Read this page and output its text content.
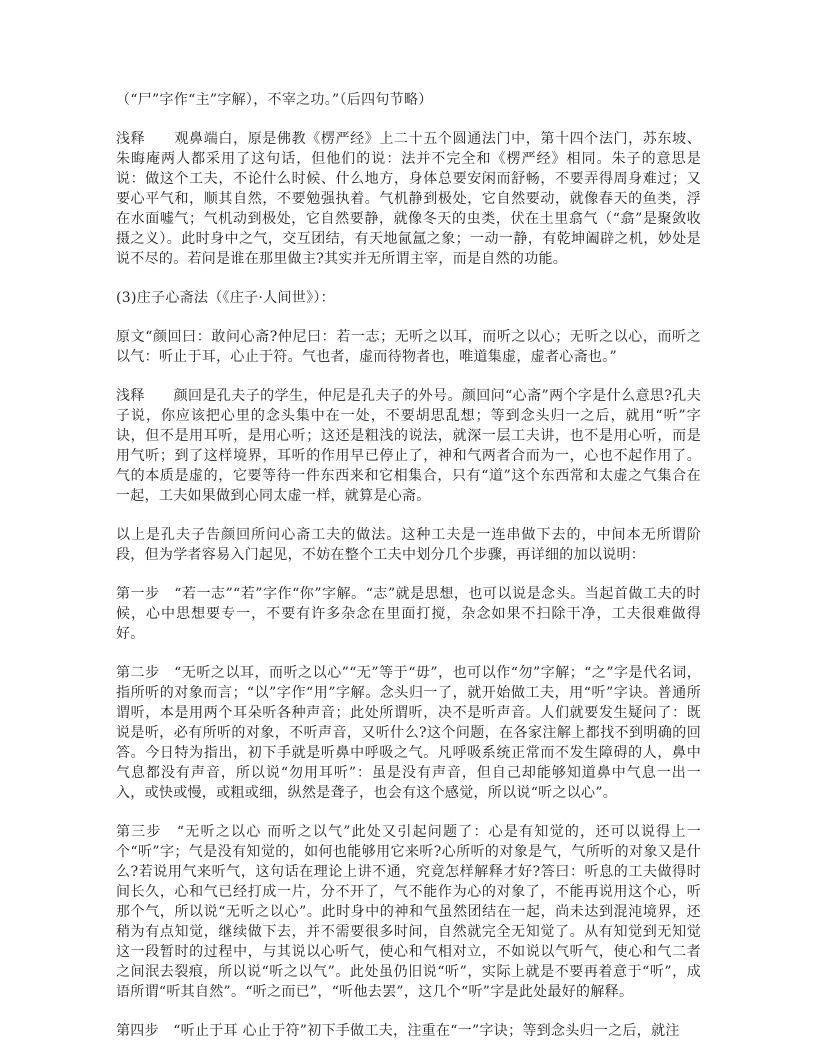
（“尸”字作“主”字解），不宰之功。”（后四句节略）

浅释　　观鼻端白，原是佛教《楞严经》上二十五个圆通法门中，第十四个法门，苏东坡、朱晦庵两人都采用了这句话，但他们的说：法并不完全和《楞严经》相同。朱子的意思是说：做这个工夫，不论什么时候、什么地方，身体总要安闲而舒畅，不要弄得周身难过；又要心平气和，顺其自然，不要勉强执着。气机静到极处，它自然要动，就像春天的鱼类，浮在水面嘘气；气机动到极处，它自然要静，就像冬天的虫类，伏在土里翕气（“翕”是聚敛收摄之义）。此时身中之气，交互团结，有天地氤氲之象；一动一静，有乾坤阖辟之机，妙处是说不尽的。若问是谁在那里做主?其实并无所谓主宰，而是自然的功能。

(3)庄子心斋法（《庄子·人间世》）：

原文“颜回曰：敢问心斋?仲尼曰：若一志；无听之以耳，而听之以心；无听之以心，而听之以气：听止于耳，心止于符。气也者，虚而待物者也，唯道集虚，虚者心斋也。”

浅释　　颜回是孔夫子的学生，仲尼是孔夫子的外号。颜回问“心斋”两个字是什么意思?孔夫子说，你应该把心里的念头集中在一处，不要胡思乱想；等到念头归一之后，就用“听”字诀，但不是用耳听，是用心听；这还是粗浅的说法，就深一层工夫讲，也不是用心听，而是用气听；到了这样境界，耳听的作用早已停止了，神和气两者合而为一，心也不起作用了。气的本质是虚的，它要等待一件东西来和它相集合，只有“道”这个东西常和太虚之气集合在一起，工夫如果做到心同太虚一样，就算是心斋。

以上是孔夫子告颜回所问心斋工夫的做法。这种工夫是一连串做下去的，中间本无所谓阶段，但为学者容易入门起见，不妨在整个工夫中划分几个步骤，再详细的加以说明：

第一步　“若一志”“若”字作“你”字解。“志”就是思想，也可以说是念头。当起首做工夫的时候，心中思想要专一，不要有许多杂念在里面打搅，杂念如果不扫除干净，工夫很难做得好。

第二步　“无听之以耳，而听之以心”“无”等于“毋”，也可以作“勿”字解；“之”字是代名词，指所听的对象而言；“以”字作“用”字解。念头归一了，就开始做工夫，用“听”字诀。普通所谓听，本是用两个耳朵听各种声音；此处所谓听，决不是听声音。人们就要发生疑问了：既说是听，必有所听的对象，不听声音，又听什么?这个问题，在各家注解上都找不到明确的回答。今日特为指出，初下手就是听鼻中呼吸之气。凡呼吸系统正常而不发生障碍的人，鼻中气息都没有声音，所以说“勿用耳听”：虽是没有声音，但自己却能够知道鼻中气息一出一入，或快或慢，或粗或细，纵然是聋子，也会有这个感觉，所以说“听之以心”。

第三步　“无听之以心 而听之以气”此处又引起问题了：心是有知觉的，还可以说得上一个“听”字；气是没有知觉的，如何也能够用它来听?心所听的对象是气，气所听的对象又是什么?若说用气来听气，这句话在理论上讲不通，究竟怎样解释才好?答曰：听息的工夫做得时间长久，心和气已经打成一片，分不开了，气不能作为心的对象了，不能再说用这个心，听那个气，所以说“无听之以心”。此时身中的神和气虽然团结在一起，尚未达到混沌境界，还稍为有点知觉，继续做下去，并不需要很多时间，自然就完全无知觉了。从有知觉到无知觉这一段暂时的过程中，与其说以心听气，使心和气相对立，不如说以气听气，使心和气二者之间泯去裂痕，所以说“听之以气”。此处虽仍旧说“听”，实际上就是不要再着意于“听”，成语所谓“听其自然”。“听之而已”，“听他去罢”，这几个“听”字是此处最好的解释。

第四步　“听止于耳 心止于符”初下手做工夫，注重在“一”字诀；等到念头归一之后，就注
